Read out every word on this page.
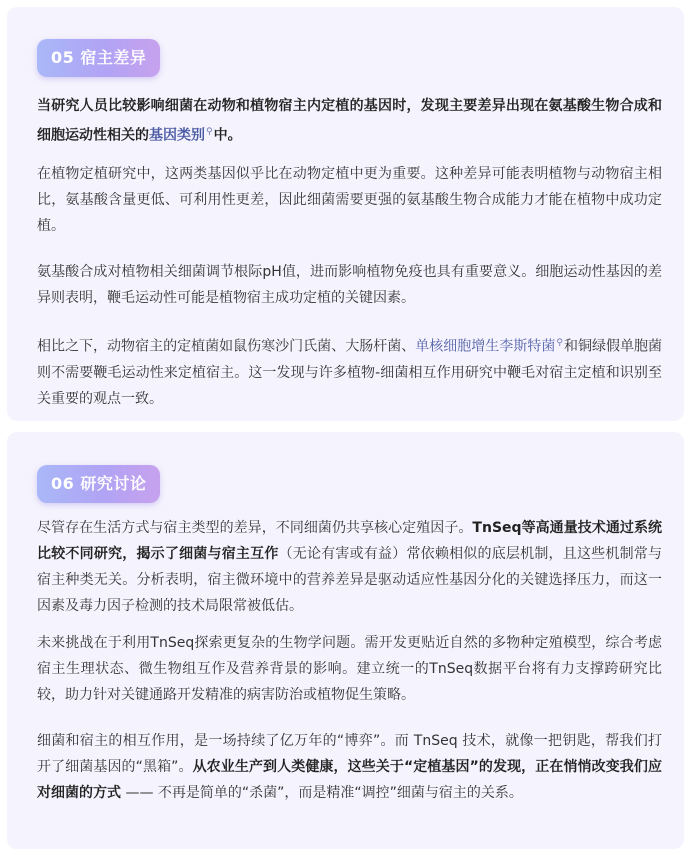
05 宿主差异

当研究人员比较影响细菌在动物和植物宿主内定植的基因时，发现主要差异出现在氨基酸生物合成和细胞运动性相关的基因类别⚲中。

在植物定植研究中，这两类基因似乎比在动物定植中更为重要。这种差异可能表明植物与动物宿主相比，氨基酸含量更低、可利用性更差，因此细菌需要更强的氨基酸生物合成能力才能在植物中成功定植。

氨基酸合成对植物相关细菌调节根际pH值，进而影响植物免疫也具有重要意义。细胞运动性基因的差异则表明，鞭毛运动性可能是植物宿主成功定植的关键因素。

相比之下，动物宿主的定植菌如鼠伤寒沙门氏菌、大肠杆菌、单核细胞增生李斯特菌⚲和铜绿假单胞菌则不需要鞭毛运动性来定植宿主。这一发现与许多植物-细菌相互作用研究中鞭毛对宿主定植和识别至关重要的观点一致。

06 研究讨论

尽管存在生活方式与宿主类型的差异，不同细菌仍共享核心定殖因子。TnSeq等高通量技术通过系统比较不同研究，揭示了细菌与宿主互作（无论有害或有益）常依赖相似的底层机制，且这些机制常与宿主种类无关。分析表明，宿主微环境中的营养差异是驱动适应性基因分化的关键选择压力，而这一因素及毒力因子检测的技术局限常被低估。

未来挑战在于利用TnSeq探索更复杂的生物学问题。需开发更贴近自然的多物种定殖模型，综合考虑宿主生理状态、微生物组互作及营养背景的影响。建立统一的TnSeq数据平台将有力支撑跨研究比较，助力针对关键通路开发精准的病害防治或植物促生策略。

细菌和宿主的相互作用，是一场持续了亿万年的“博弈”。而 TnSeq 技术，就像一把钥匙，帮我们打开了细菌基因的“黑箱”。从农业生产到人类健康，这些关于“定植基因”的发现，正在悄悄改变我们应对细菌的方式 —— 不再是简单的“杀菌”，而是精准“调控”细菌与宿主的关系。
